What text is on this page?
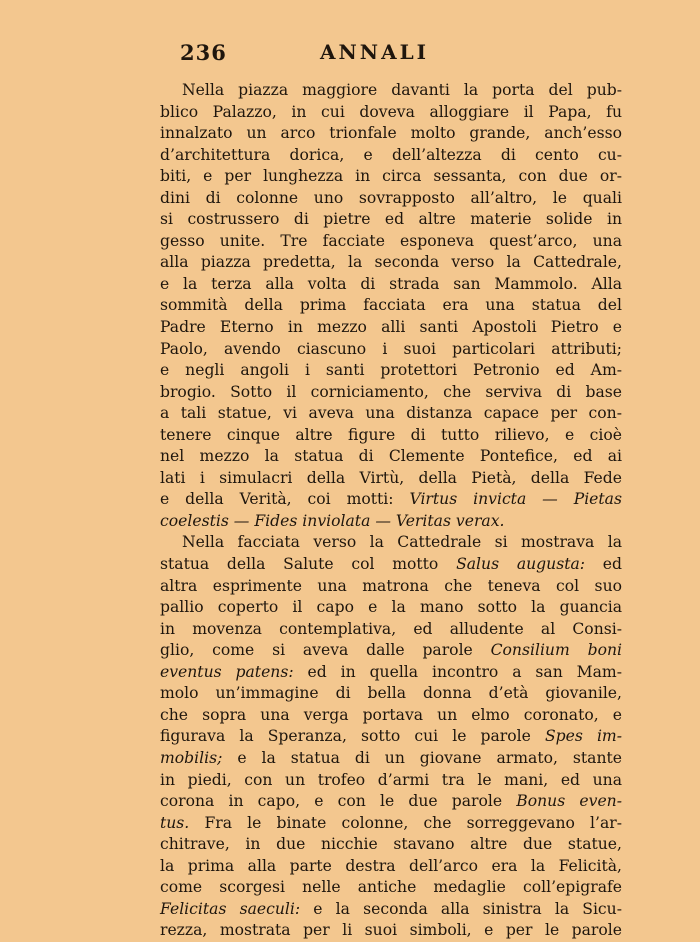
236	ANNALI
Nella piazza maggiore davanti la porta del pub-
blico Palazzo, in cui doveva alloggiare il Papa, fu
innalzato un arco trionfale molto grande, anch’esso
d’architettura dorica, e dell’altezza di cento cu-
biti, e per lunghezza in circa sessanta, con due or-
dini di colonne uno sovrapposto all’altro, le quali
si costrussero di pietre ed altre materie solide in
gesso unite. Tre facciate esponeva quest’arco, una
alla piazza predetta, la seconda verso la Cattedrale,
e la terza alla volta di strada san Mammolo. Alla
sommità della prima facciata era una statua del
Padre Eterno in mezzo alli santi Apostoli Pietro e
Paolo, avendo ciascuno i suoi particolari attributi;
e negli angoli i santi protettori Petronio ed Am-
brogio. Sotto il corniciamento, che serviva di base
a tali statue, vi aveva una distanza capace per con-
tenere cinque altre figure di tutto rilievo, e cioè
nel mezzo la statua di Clemente Pontefice, ed ai
lati i simulacri della Virtù, della Pietà, della Fede
e della Verità, coi motti: Virtus invicta — Pietas
coelestis — Fides inviolata — Veritas verax.
Nella facciata verso la Cattedrale si mostrava la
statua della Salute col motto Salus augusta: ed
altra esprimente una matrona che teneva col suo
pallio coperto il capo e la mano sotto la guancia
in movenza contemplativa, ed alludente al Consi-
glio, come si aveva dalle parole Consilium boni
eventus patens: ed in quella incontro a san Mam-
molo un’immagine di bella donna d’età giovanile,
che sopra una verga portava un elmo coronato, e
figurava la Speranza, sotto cui le parole Spes im-
mobilis; e la statua di un giovane armato, stante
in piedi, con un trofeo d’armi tra le mani, ed una
corona in capo, e con le due parole Bonus even-
tus. Fra le binate colonne, che sorreggevano l’ar-
chitrave, in due nicchie stavano altre due statue,
la prima alla parte destra dell’arco era la Felicità,
come scorgesi nelle antiche medaglie coll’epigrafe
Felicitas saeculi: e la seconda alla sinistra la Sicu-
rezza, mostrata per li suoi simboli, e per le parole
